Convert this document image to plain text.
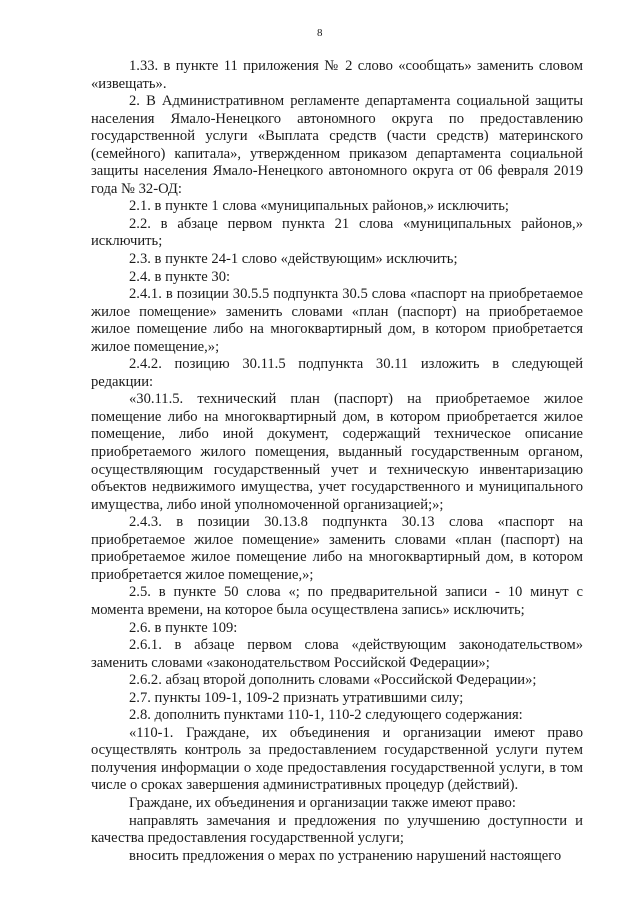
8

1.33. в пункте 11 приложения № 2 слово «сообщать» заменить словом «извещать».

2. В Административном регламенте департамента социальной защиты населения Ямало-Ненецкого автономного округа по предоставлению государственной услуги «Выплата средств (части средств) материнского (семейного) капитала», утвержденном приказом департамента социальной защиты населения Ямало-Ненецкого автономного округа от 06 февраля 2019 года № 32-ОД:

2.1. в пункте 1 слова «муниципальных районов,» исключить;

2.2. в абзаце первом пункта 21 слова «муниципальных районов,» исключить;

2.3. в пункте 24-1 слово «действующим» исключить;

2.4. в пункте 30:

2.4.1. в позиции 30.5.5 подпункта 30.5 слова «паспорт на приобретаемое жилое помещение» заменить словами «план (паспорт) на приобретаемое жилое помещение либо на многоквартирный дом, в котором приобретается жилое помещение,»;

2.4.2. позицию 30.11.5 подпункта 30.11 изложить в следующей редакции:

«30.11.5. технический план (паспорт) на приобретаемое жилое помещение либо на многоквартирный дом, в котором приобретается жилое помещение, либо иной документ, содержащий техническое описание приобретаемого жилого помещения, выданный государственным органом, осуществляющим государственный учет и техническую инвентаризацию объектов недвижимого имущества, учет государственного и муниципального имущества, либо иной уполномоченной организацией;»;

2.4.3. в позиции 30.13.8 подпункта 30.13 слова «паспорт на приобретаемое жилое помещение» заменить словами «план (паспорт) на приобретаемое жилое помещение либо на многоквартирный дом, в котором приобретается жилое помещение,»;

2.5. в пункте 50 слова «; по предварительной записи - 10 минут с момента времени, на которое была осуществлена запись» исключить;

2.6. в пункте 109:

2.6.1. в абзаце первом слова «действующим законодательством» заменить словами «законодательством Российской Федерации»;

2.6.2. абзац второй дополнить словами «Российской Федерации»;

2.7. пункты 109-1, 109-2 признать утратившими силу;

2.8. дополнить пунктами 110-1, 110-2 следующего содержания:

«110-1. Граждане, их объединения и организации имеют право осуществлять контроль за предоставлением государственной услуги путем получения информации о ходе предоставления государственной услуги, в том числе о сроках завершения административных процедур (действий).

Граждане, их объединения и организации также имеют право:

направлять замечания и предложения по улучшению доступности и качества предоставления государственной услуги;

вносить предложения о мерах по устранению нарушений настоящего
